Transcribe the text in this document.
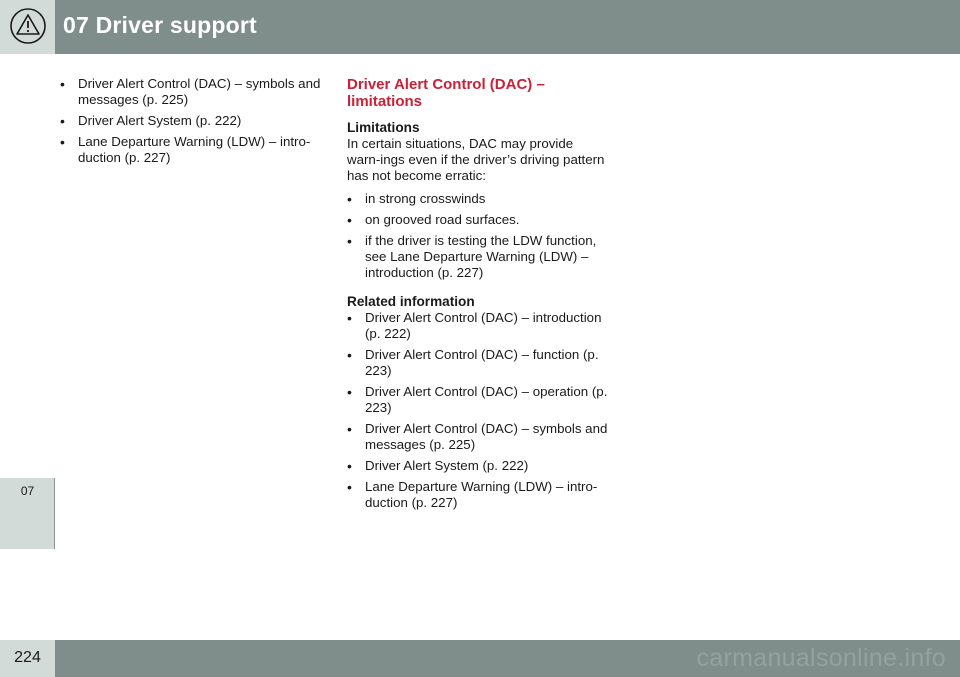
07 Driver support
07
• Driver Alert Control (DAC) – symbols and messages (p. 225)
• Driver Alert System (p. 222)
• Lane Departure Warning (LDW) – intro-duction (p. 227)
Driver Alert Control (DAC) – limitations
Limitations

In certain situations, DAC may provide warn-ings even if the driver’s driving pattern has not become erratic:

• in strong crosswinds
• on grooved road surfaces.
• if the driver is testing the LDW function, see Lane Departure Warning (LDW) – introduction (p. 227)
Related information
• Driver Alert Control (DAC) – introduction (p. 222)
• Driver Alert Control (DAC) – function (p. 223)
• Driver Alert Control (DAC) – operation (p. 223)
• Driver Alert Control (DAC) – symbols and messages (p. 225)
• Driver Alert System (p. 222)
• Lane Departure Warning (LDW) – intro-duction (p. 227)
224	carmanualsonline.info
